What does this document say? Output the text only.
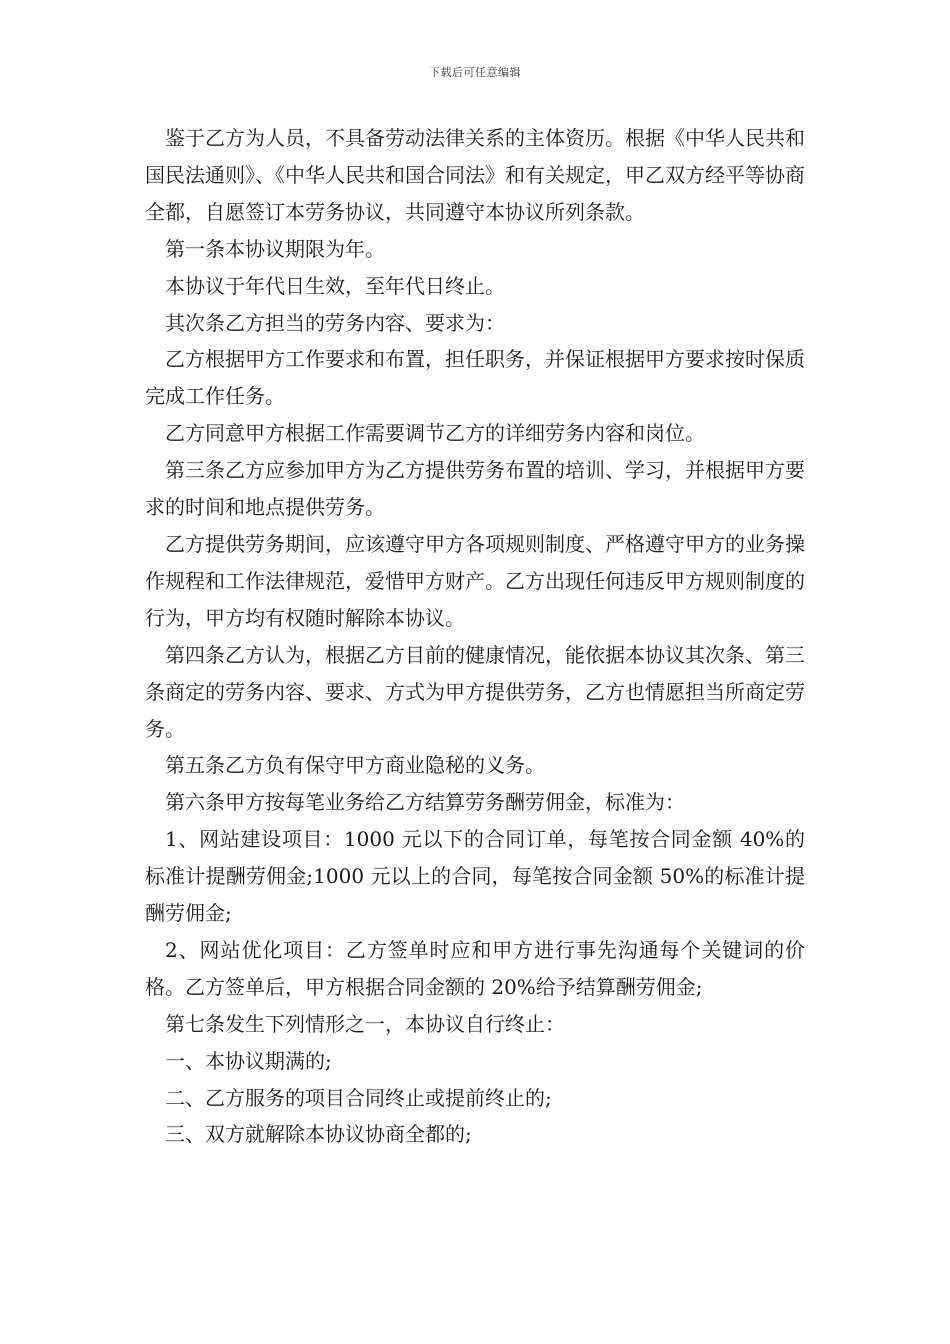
下载后可任意编辑

鉴于乙方为人员，不具备劳动法律关系的主体资历。根据《中华人民共和国民法通则》、《中华人民共和国合同法》和有关规定，甲乙双方经平等协商全都，自愿签订本劳务协议，共同遵守本协议所列条款。

第一条本协议期限为年。

本协议于年代日生效，至年代日终止。

其次条乙方担当的劳务内容、要求为：

乙方根据甲方工作要求和布置，担任职务，并保证根据甲方要求按时保质完成工作任务。

乙方同意甲方根据工作需要调节乙方的详细劳务内容和岗位。

第三条乙方应参加甲方为乙方提供劳务布置的培训、学习，并根据甲方要求的时间和地点提供劳务。

乙方提供劳务期间，应该遵守甲方各项规则制度、严格遵守甲方的业务操作规程和工作法律规范，爱惜甲方财产。乙方出现任何违反甲方规则制度的行为，甲方均有权随时解除本协议。

第四条乙方认为，根据乙方目前的健康情况，能依据本协议其次条、第三条商定的劳务内容、要求、方式为甲方提供劳务，乙方也情愿担当所商定劳务。

第五条乙方负有保守甲方商业隐秘的义务。

第六条甲方按每笔业务给乙方结算劳务酬劳佣金，标准为：

1、网站建设项目：1000 元以下的合同订单，每笔按合同金额 40%的标准计提酬劳佣金;1000 元以上的合同，每笔按合同金额 50%的标准计提酬劳佣金;

2、网站优化项目：乙方签单时应和甲方进行事先沟通每个关键词的价格。乙方签单后，甲方根据合同金额的 20%给予结算酬劳佣金;

第七条发生下列情形之一，本协议自行终止：

一、本协议期满的;

二、乙方服务的项目合同终止或提前终止的;

三、双方就解除本协议协商全都的;
